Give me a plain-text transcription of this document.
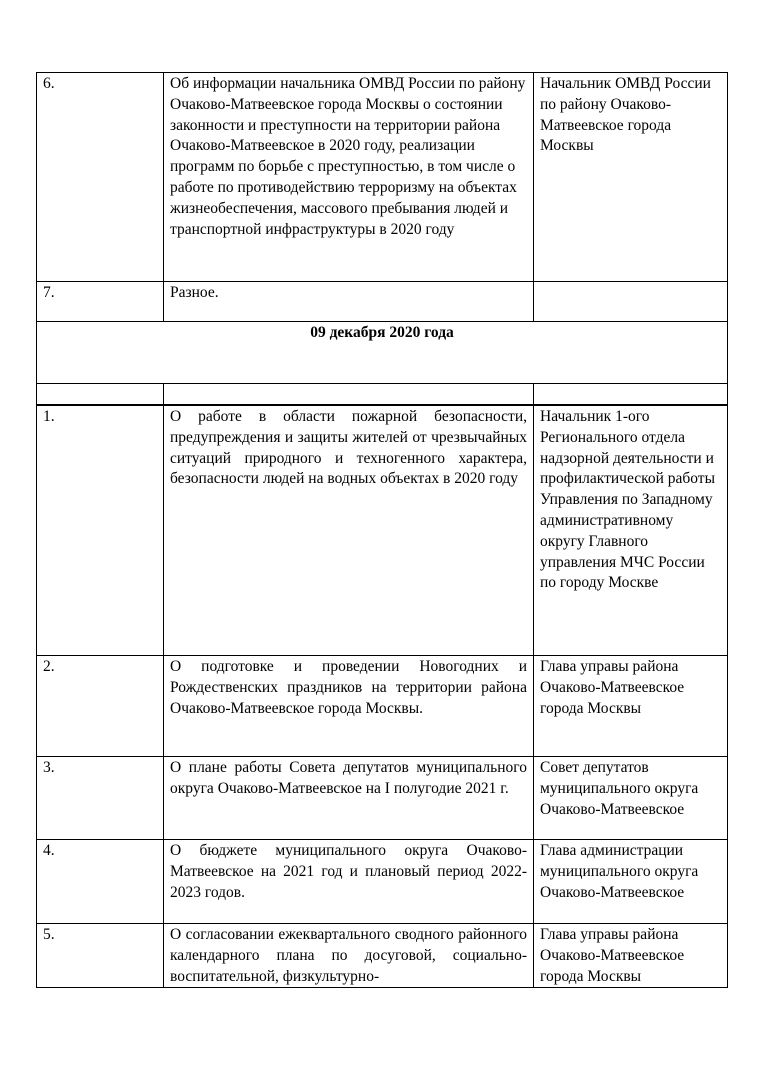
6.	Об информации начальника ОМВД России по району Очаково-Матвеевское города Москвы о состоянии законности и преступности на территории района Очаково-Матвеевское в 2020 году, реализации программ по борьбе с преступностью, в том числе о работе по противодействию терроризму на объектах жизнеобеспечения, массового пребывания людей и транспортной инфраструктуры в 2020 году	Начальник ОМВД России по району Очаково-Матвеевское города Москвы
7.	Разное.	
09 декабря 2020 года		

1.	О работе в области пожарной безопасности, предупреждения и защиты жителей от чрезвычайных ситуаций природного и техногенного характера, безопасности людей на водных объектах в 2020 году	Начальник 1-ого Регионального отдела надзорной деятельности и профилактической работы Управления по Западному административному округу Главного управления МЧС России по городу Москве
2.	О подготовке и проведении Новогодних и Рождественских праздников на территории района Очаково-Матвеевское города Москвы.	Глава управы района Очаково-Матвеевское города Москвы
3.	О плане работы Совета депутатов муниципального округа Очаково-Матвеевское на I полугодие 2021 г.	Совет депутатов муниципального округа Очаково-Матвеевское
4.	О бюджете муниципального округа Очаково-Матвеевское на 2021 год и плановый период 2022-2023 годов.	Глава администрации муниципального округа Очаково-Матвеевское
5.	О согласовании ежеквартального сводного районного календарного плана по досуговой, социально-воспитательной, физкультурно-	Глава управы района Очаково-Матвеевское города Москвы
